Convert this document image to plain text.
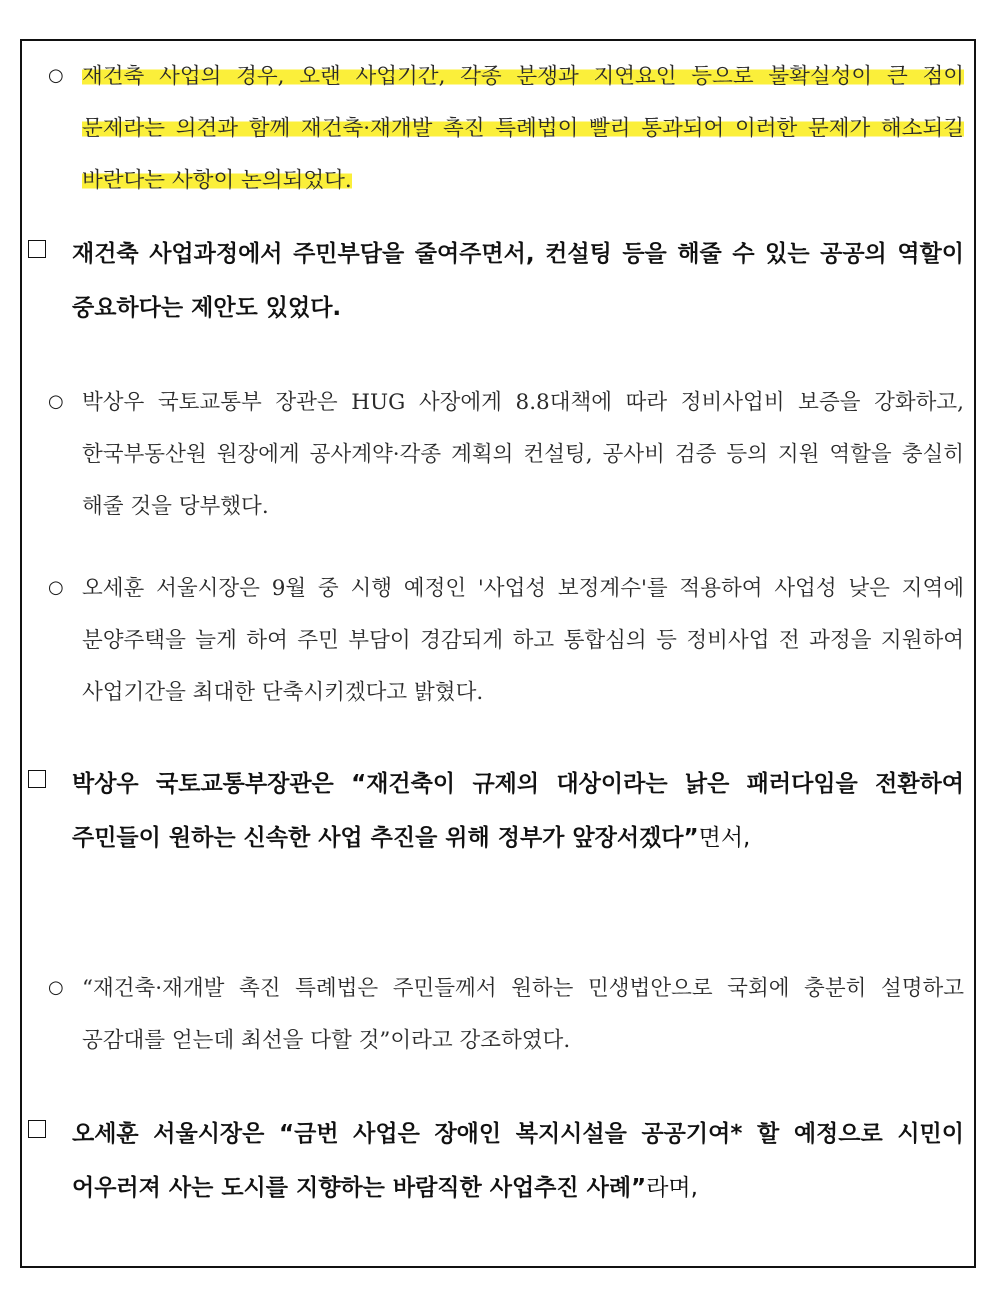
○ 재건축 사업의 경우, 오랜 사업기간, 각종 분쟁과 지연요인 등으로 불확실성이 큰 점이 문제라는 의견과 함께 재건축·재개발 촉진 특례법이 빨리 통과되어 이러한 문제가 해소되길 바란다는 사항이 논의되었다.
재건축 사업과정에서 주민부담을 줄여주면서, 컨설팅 등을 해줄 수 있는 공공의 역할이 중요하다는 제안도 있었다.
○ 박상우 국토교통부 장관은 HUG 사장에게 8.8대책에 따라 정비사업비 보증을 강화하고, 한국부동산원 원장에게 공사계약·각종 계획의 컨설팅, 공사비 검증 등의 지원 역할을 충실히 해줄 것을 당부했다.
○ 오세훈 서울시장은 9월 중 시행 예정인 '사업성 보정계수'를 적용하여 사업성 낮은 지역에 분양주택을 늘게 하여 주민 부담이 경감되게 하고 통합심의 등 정비사업 전 과정을 지원하여 사업기간을 최대한 단축시키겠다고 밝혔다.
박상우 국토교통부장관은 “재건축이 규제의 대상이라는 낡은 패러다임을 전환하여 주민들이 원하는 신속한 사업 추진을 위해 정부가 앞장서겠다”면서,
○ “재건축·재개발 촉진 특례법은 주민들께서 원하는 민생법안으로 국회에 충분히 설명하고 공감대를 얻는데 최선을 다할 것”이라고 강조하였다.
오세훈 서울시장은 “금번 사업은 장애인 복지시설을 공공기여* 할 예정으로 시민이 어우러져 사는 도시를 지향하는 바람직한 사업추진 사례”라며,
